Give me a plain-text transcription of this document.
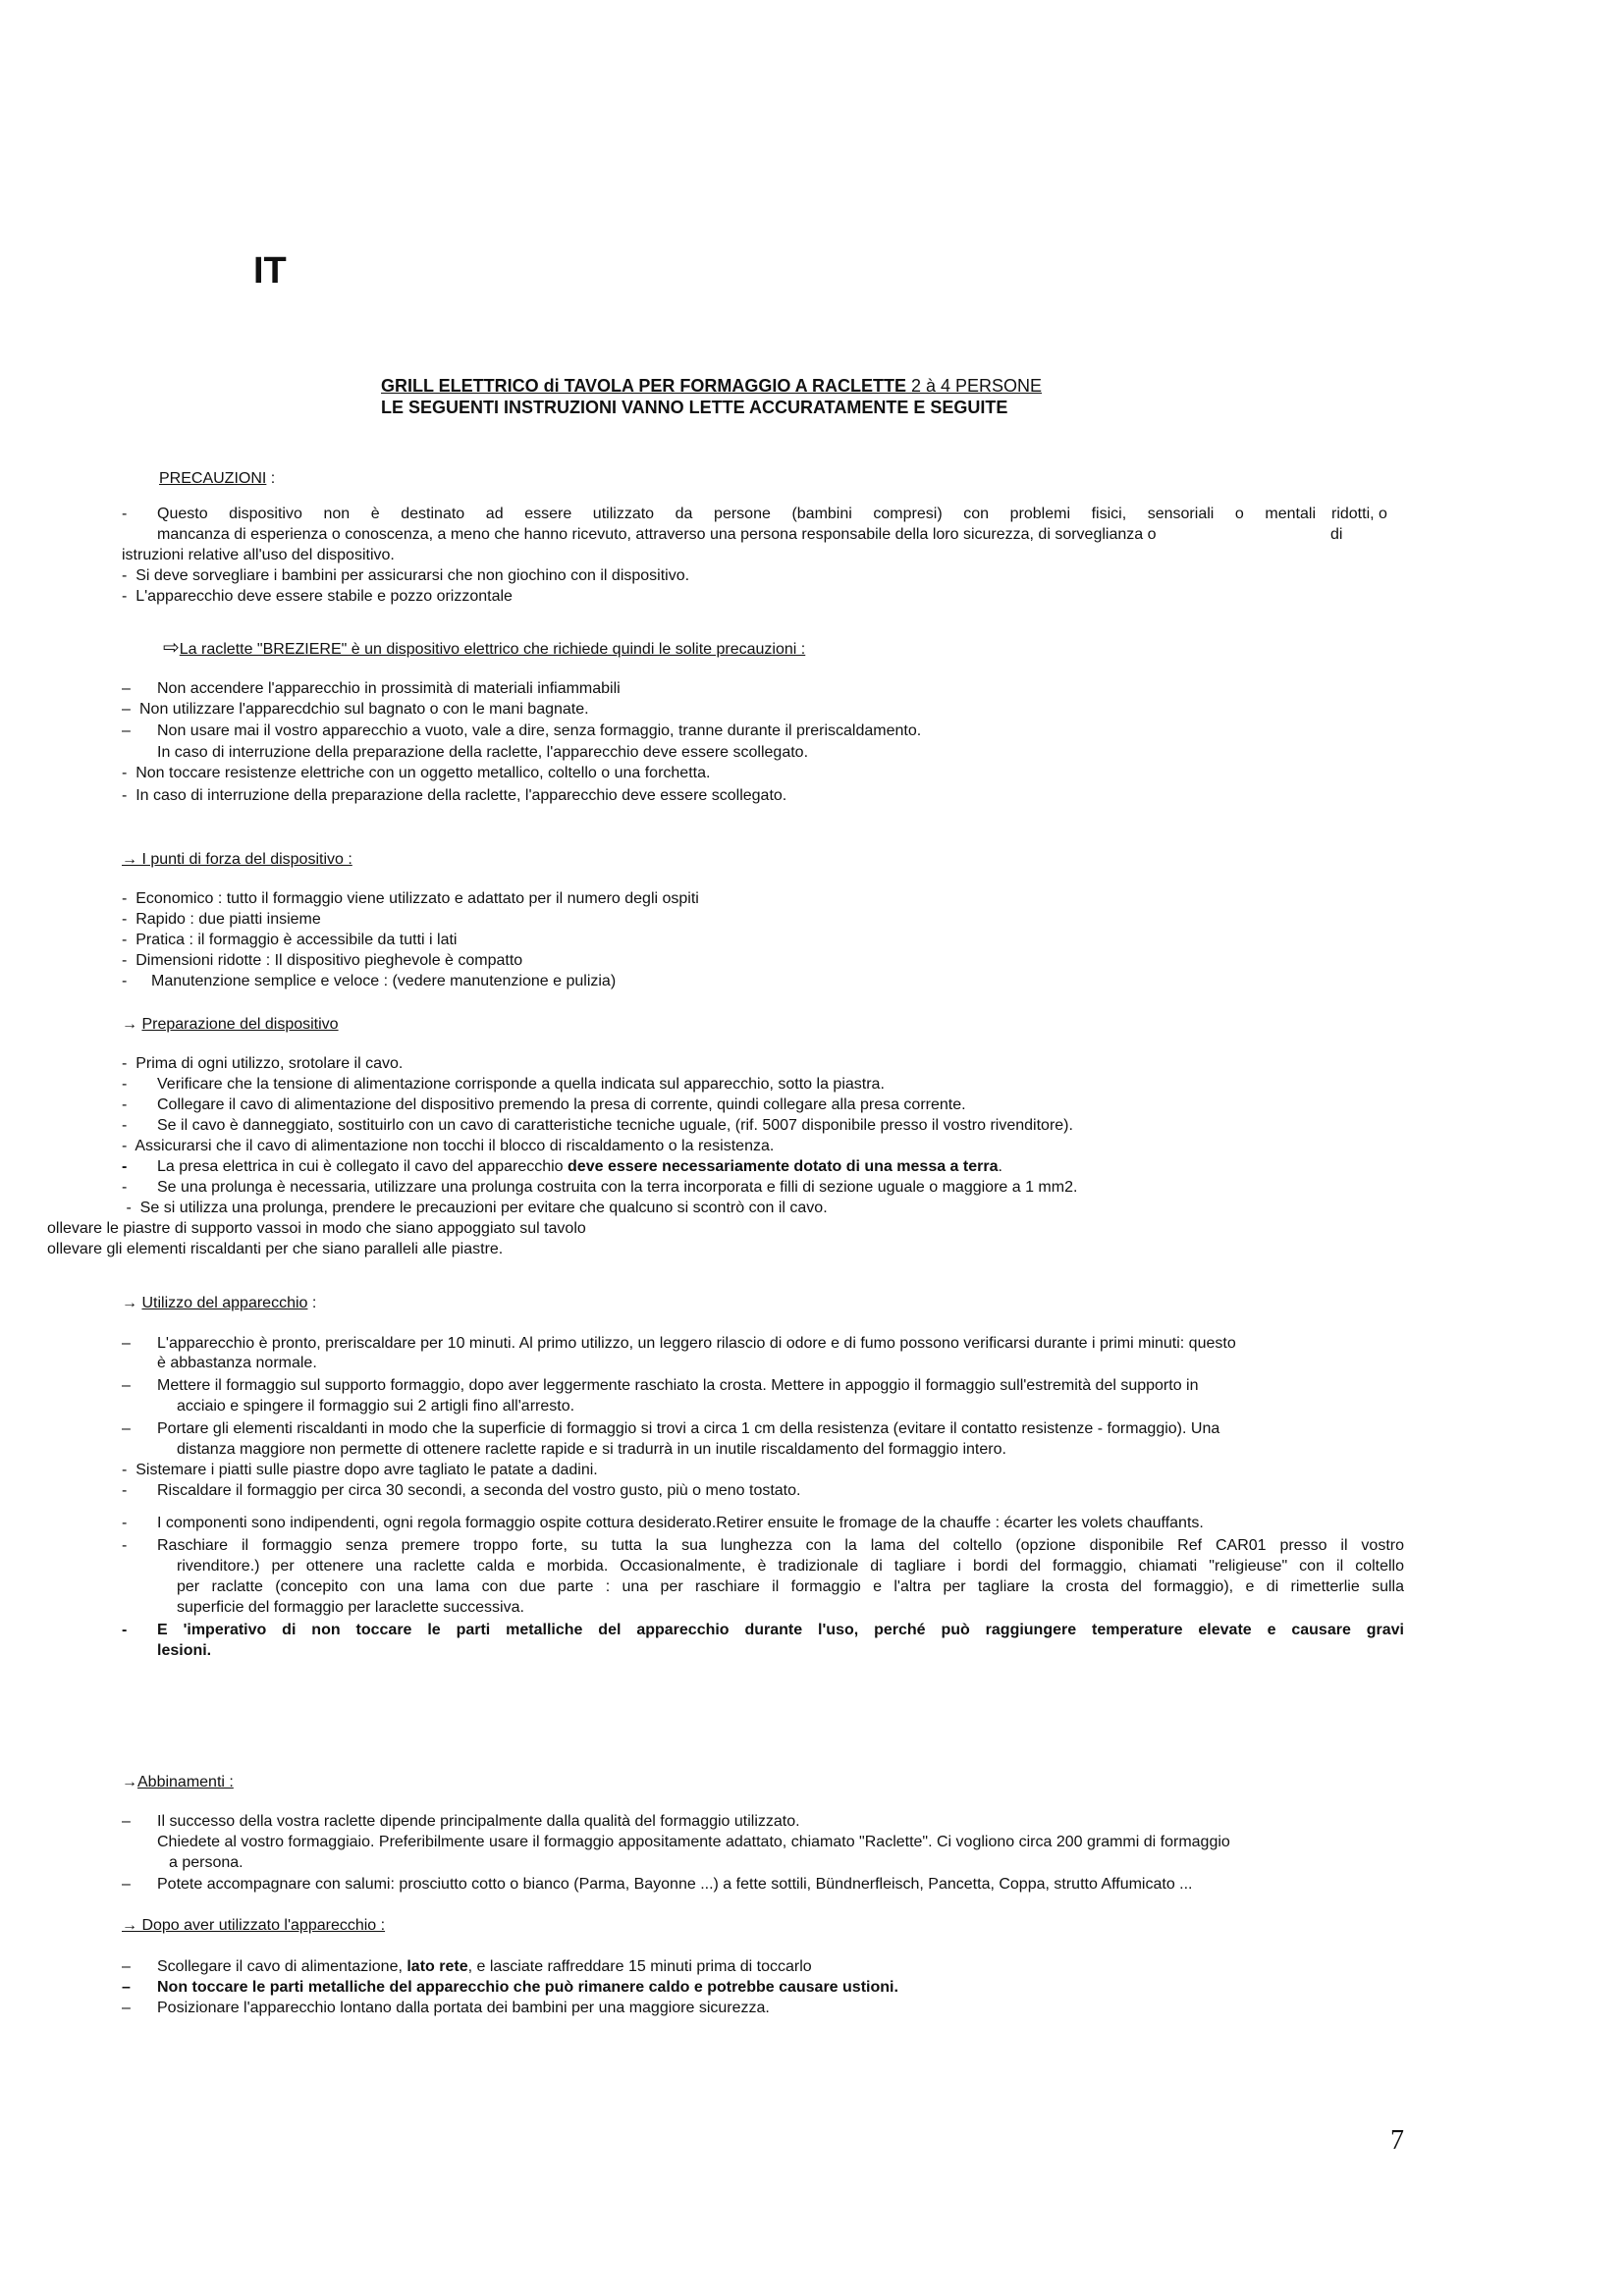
IT
GRILL ELETTRICO di TAVOLA PER FORMAGGIO A RACLETTE 2 à 4 PERSONE
LE SEGUENTI INSTRUZIONI VANNO LETTE ACCURATAMENTE E SEGUITE
PRECAUZIONI :
- Questo dispositivo non è destinato ad essere utilizzato da persone (bambini compresi) con problemi fisici, sensoriali o mentali ridotti, o
mancanza di esperienza o conoscenza, a meno che hanno ricevuto, attraverso una persona responsabile della loro sicurezza, di sorveglianza o	di
istruzioni relative all'uso del dispositivo.
-  Si deve sorvegliare i bambini per assicurarsi che non giochino con il dispositivo.
-  L'apparecchio deve essere stabile e pozzo orizzontale
⇨La raclette "BREZIERE" è un dispositivo elettrico che richiede quindi le solite precauzioni :
– Non accendere l'apparecchio in prossimità di materiali infiammabili
– Non utilizzare l'apparecdchio sul bagnato o con le mani bagnate.
– Non usare mai il vostro apparecchio a vuoto, vale a dire, senza formaggio, tranne durante il preriscaldamento.
In caso di interruzione della preparazione della raclette, l'apparecchio deve essere scollegato.
-  Non toccare resistenze elettriche con un oggetto metallico, coltello o una forchetta.
-  In caso di interruzione della preparazione della raclette, l'apparecchio deve essere scollegato.
→ I punti di forza del dispositivo :
-  Economico : tutto il formaggio viene utilizzato e adattato per il numero degli ospiti
-  Rapido : due piatti insieme
-  Pratica : il formaggio è accessibile da tutti i lati
-  Dimensioni ridotte : Il dispositivo pieghevole è compatto
- Manutenzione semplice e veloce : (vedere manutenzione e pulizia)
→ Preparazione del dispositivo
-  Prima di ogni utilizzo, srotolare il cavo.
- Verificare che la tensione di alimentazione corrisponde a quella indicata sul apparecchio, sotto la piastra.
- Collegare il cavo di alimentazione del dispositivo premendo la presa di corrente, quindi collegare alla presa corrente.
- Se il cavo è danneggiato, sostituirlo con un cavo di caratteristiche tecniche uguale, (rif. 5007 disponibile presso il vostro rivenditore).
-  Assicurarsi che il cavo di alimentazione non tocchi il blocco di riscaldamento o la resistenza.
- La presa elettrica in cui è collegato il cavo del apparecchio deve essere necessariamente dotato di una messa a terra.
- Se una prolunga è necessaria, utilizzare una prolunga costruita con la terra incorporata e filli di sezione uguale o maggiore a 1 mm2.
-  Se si utilizza una prolunga, prendere le precauzioni per evitare che qualcuno si scontrò con il cavo.
ollevare le piastre di supporto vassoi in modo che siano appoggiato sul tavolo
ollevare gli elementi riscaldanti per che siano paralleli alle piastre.
→ Utilizzo del apparecchio :
– L'apparecchio è pronto, preriscaldare per 10 minuti. Al primo utilizzo, un leggero rilascio di odore e di fumo possono verificarsi durante i primi minuti: questo
è abbastanza normale.
– Mettere il formaggio sul supporto formaggio, dopo aver leggermente raschiato la crosta. Mettere in appoggio il formaggio sull'estremità del supporto in
acciaio e spingere il formaggio sui 2 artigli fino all'arresto.
– Portare gli elementi riscaldanti in modo che la superficie di formaggio si trovi a circa 1 cm della resistenza (evitare il contatto resistenze - formaggio). Una
distanza maggiore non permette di ottenere raclette rapide e si tradurrà in un inutile riscaldamento del formaggio intero.
-  Sistemare i piatti sulle piastre dopo avre tagliato le patate a dadini.
- Riscaldare il formaggio per circa 30 secondi, a seconda del vostro gusto, più o meno tostato.
- I componenti sono indipendenti, ogni regola formaggio ospite cottura desiderato.Retirer ensuite le fromage de la chauffe : écarter les volets chauffants.
- Raschiare il formaggio senza premere troppo forte, su tutta la sua lunghezza con la lama del coltello (opzione disponibile Ref CAR01 presso il vostro
rivenditore.) per ottenere una raclette calda e morbida. Occasionalmente, è tradizionale di tagliare i bordi del formaggio, chiamati "religieuse" con il coltello
per raclatte (concepito con una lama con due parte : una per raschiare il formaggio e l'altra per tagliare la crosta del formaggio), e di rimetterlie sulla
superficie del formaggio per laraclette successiva.
- E 'imperativo di non toccare le parti metalliche del apparecchio durante l'uso, perché può raggiungere temperature elevate e causare gravi
lesioni.
→Abbinamenti :
– Il successo della vostra raclette dipende principalmente dalla qualità del formaggio utilizzato.
Chiedete al vostro formaggiaio. Preferibilmente usare il formaggio appositamente adattato, chiamato "Raclette". Ci vogliono circa 200 grammi di formaggio
a persona.
– Potete accompagnare con salumi: prosciutto cotto o bianco (Parma, Bayonne ...) a fette sottili, Bündnerfleisch, Pancetta, Coppa, strutto Affumicato ...
→ Dopo aver utilizzato l'apparecchio :
– Scollegare il cavo di alimentazione, lato rete, e lasciate raffreddare 15 minuti prima di toccarlo
– Non toccare le parti metalliche del apparecchio che può rimanere caldo e potrebbe causare ustioni.
– Posizionare l'apparecchio lontano dalla portata dei bambini per una maggiore sicurezza.
7
